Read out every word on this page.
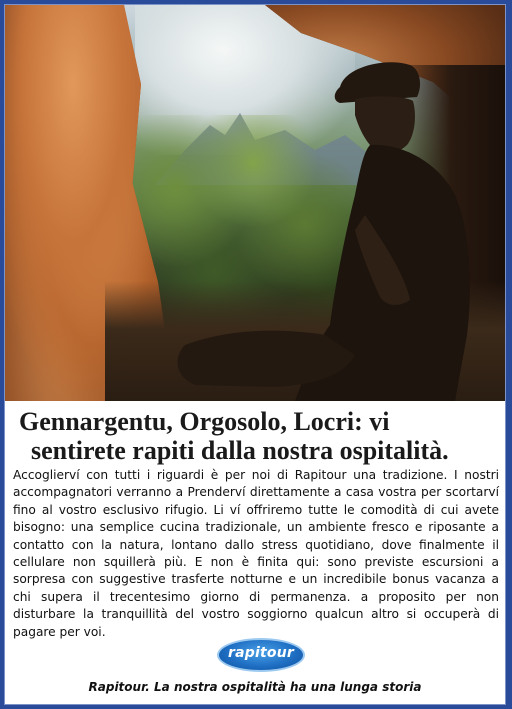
Gennargentu, Orgosolo, Locri: vi
sentirete rapiti dalla nostra ospitalità.

Accoglierví con tutti i riguardi è per noi di Rapitour una tradizione. I nostri accompagnatori verranno a Prenderví direttamente a casa vostra per scortarví fino al vostro esclusivo rifugio. Li ví offriremo tutte le comodità di cui avete bisogno: una semplice cucina tradizionale, un ambiente fresco e riposante a contatto con la natura, lontano dallo stress quotidiano, dove finalmente il cellulare non squillerà più. E non è finita qui: sono previste escursioni a sorpresa con suggestive trasferte notturne e un incredibile bonus vacanza a chi supera il trecentesimo giorno di permanenza. a proposito per non disturbare la tranquillità del vostro soggiorno qualcun altro si occuperà di pagare per voi.

rapitour

Rapitour. La nostra ospitalità ha una lunga storia
